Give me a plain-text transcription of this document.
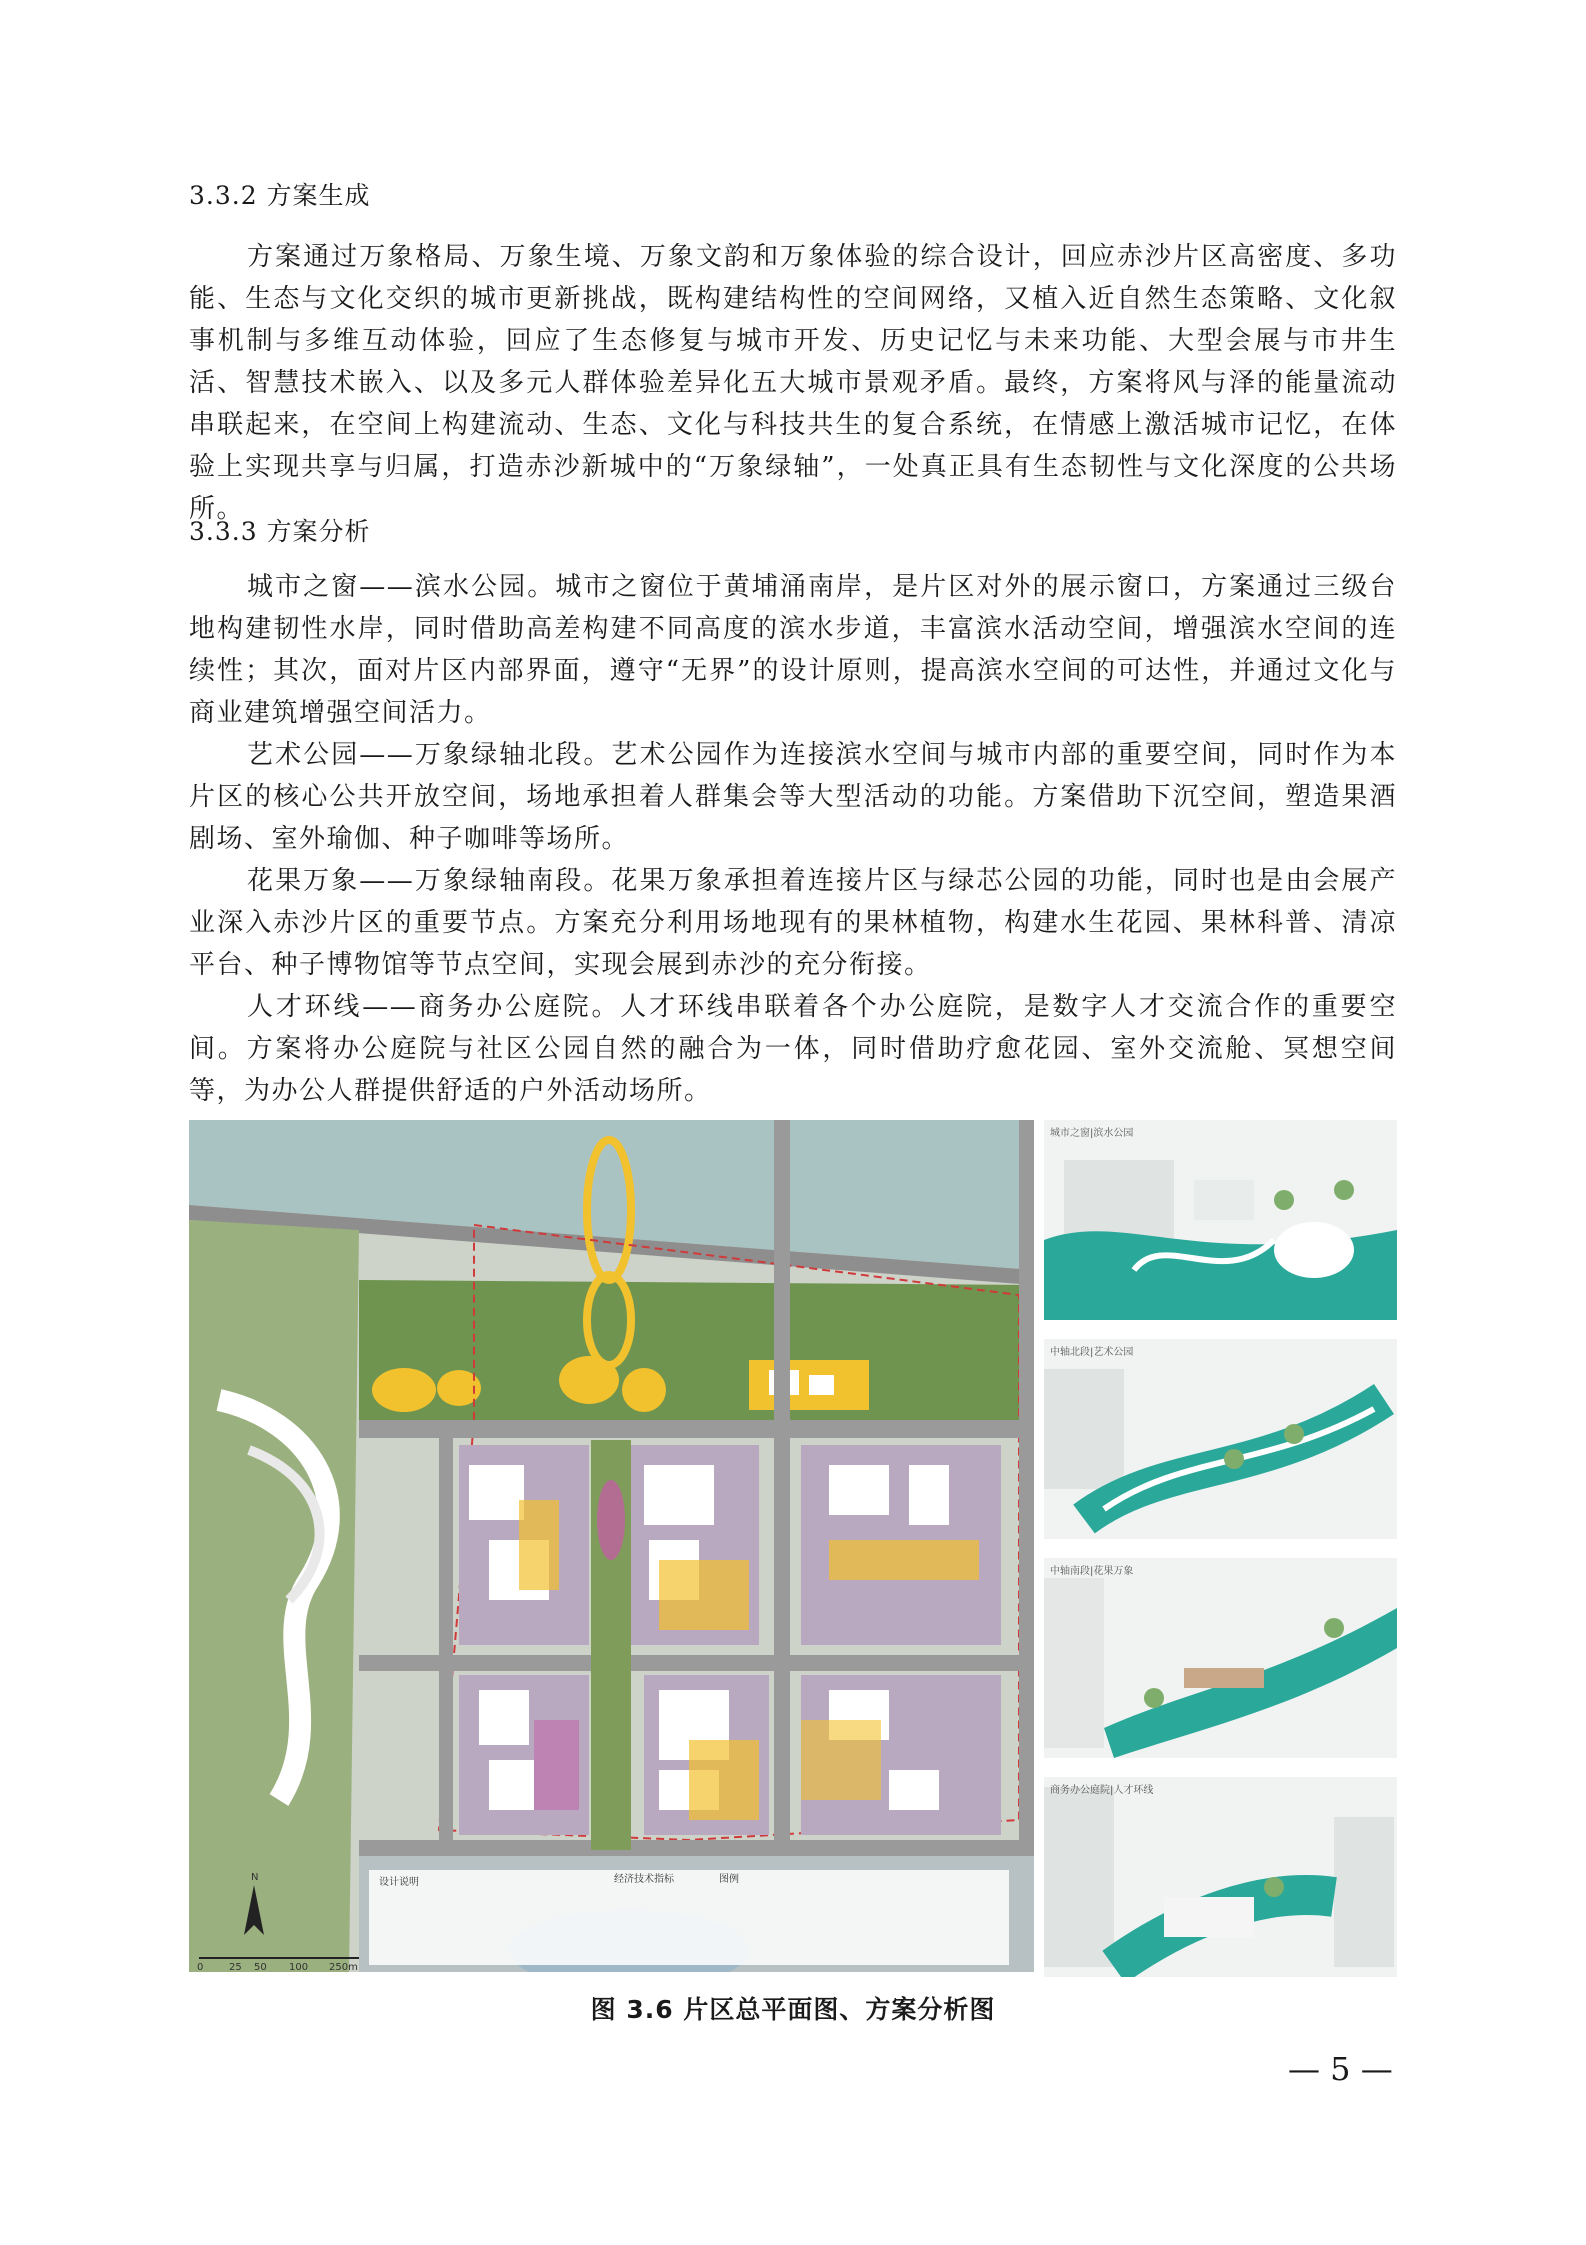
3.3.2 方案生成

方案通过万象格局、万象生境、万象文韵和万象体验的综合设计，回应赤沙片区高密度、多功能、生态与文化交织的城市更新挑战，既构建结构性的空间网络，又植入近自然生态策略、文化叙事机制与多维互动体验，回应了生态修复与城市开发、历史记忆与未来功能、大型会展与市井生活、智慧技术嵌入、以及多元人群体验差异化五大城市景观矛盾。最终，方案将风与泽的能量流动串联起来，在空间上构建流动、生态、文化与科技共生的复合系统，在情感上激活城市记忆，在体验上实现共享与归属，打造赤沙新城中的“万象绿轴”，一处真正具有生态韧性与文化深度的公共场所。

3.3.3 方案分析

城市之窗——滨水公园。城市之窗位于黄埔涌南岸，是片区对外的展示窗口，方案通过三级台地构建韧性水岸，同时借助高差构建不同高度的滨水步道，丰富滨水活动空间，增强滨水空间的连续性；其次，面对片区内部界面，遵守“无界”的设计原则，提高滨水空间的可达性，并通过文化与商业建筑增强空间活力。

艺术公园——万象绿轴北段。艺术公园作为连接滨水空间与城市内部的重要空间，同时作为本片区的核心公共开放空间，场地承担着人群集会等大型活动的功能。方案借助下沉空间，塑造果酒剧场、室外瑜伽、种子咖啡等场所。

花果万象——万象绿轴南段。花果万象承担着连接片区与绿芯公园的功能，同时也是由会展产业深入赤沙片区的重要节点。方案充分利用场地现有的果林植物，构建水生花园、果林科普、清凉平台、种子博物馆等节点空间，实现会展到赤沙的充分衔接。

人才环线——商务办公庭院。人才环线串联着各个办公庭院，是数字人才交流合作的重要空间。方案将办公庭院与社区公园自然的融合为一体，同时借助疗愈花园、室外交流舱、冥想空间等，为办公人群提供舒适的户外活动场所。

设计说明	经济技术指标	图例
N
0	25 50 100 250m
城市之窗|滨水公园
中轴北段|艺术公园
中轴南段|花果万象
商务办公庭院|人才环线
图 3.6 片区总平面图、方案分析图
— 5 —
